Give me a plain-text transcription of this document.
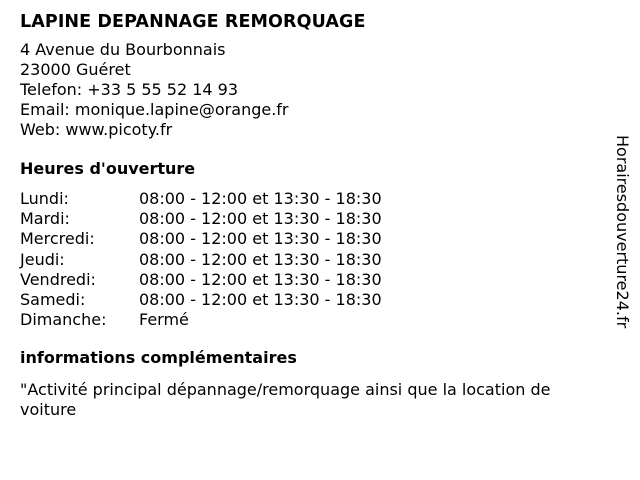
LAPINE DEPANNAGE REMORQUAGE
4 Avenue du Bourbonnais
23000 Guéret
Telefon: +33 5 55 52 14 93
Email: monique.lapine@orange.fr
Web: www.picoty.fr
Heures d'ouverture
Lundi:	08:00 - 12:00 et 13:30 - 18:30
Mardi:	08:00 - 12:00 et 13:30 - 18:30
Mercredi:	08:00 - 12:00 et 13:30 - 18:30
Jeudi:	08:00 - 12:00 et 13:30 - 18:30
Vendredi:	08:00 - 12:00 et 13:30 - 18:30
Samedi:	08:00 - 12:00 et 13:30 - 18:30
Dimanche:	Fermé
informations complémentaires
"Activité principal dépannage/remorquage ainsi que la location de voiture
Horairesdouverture24.fr
